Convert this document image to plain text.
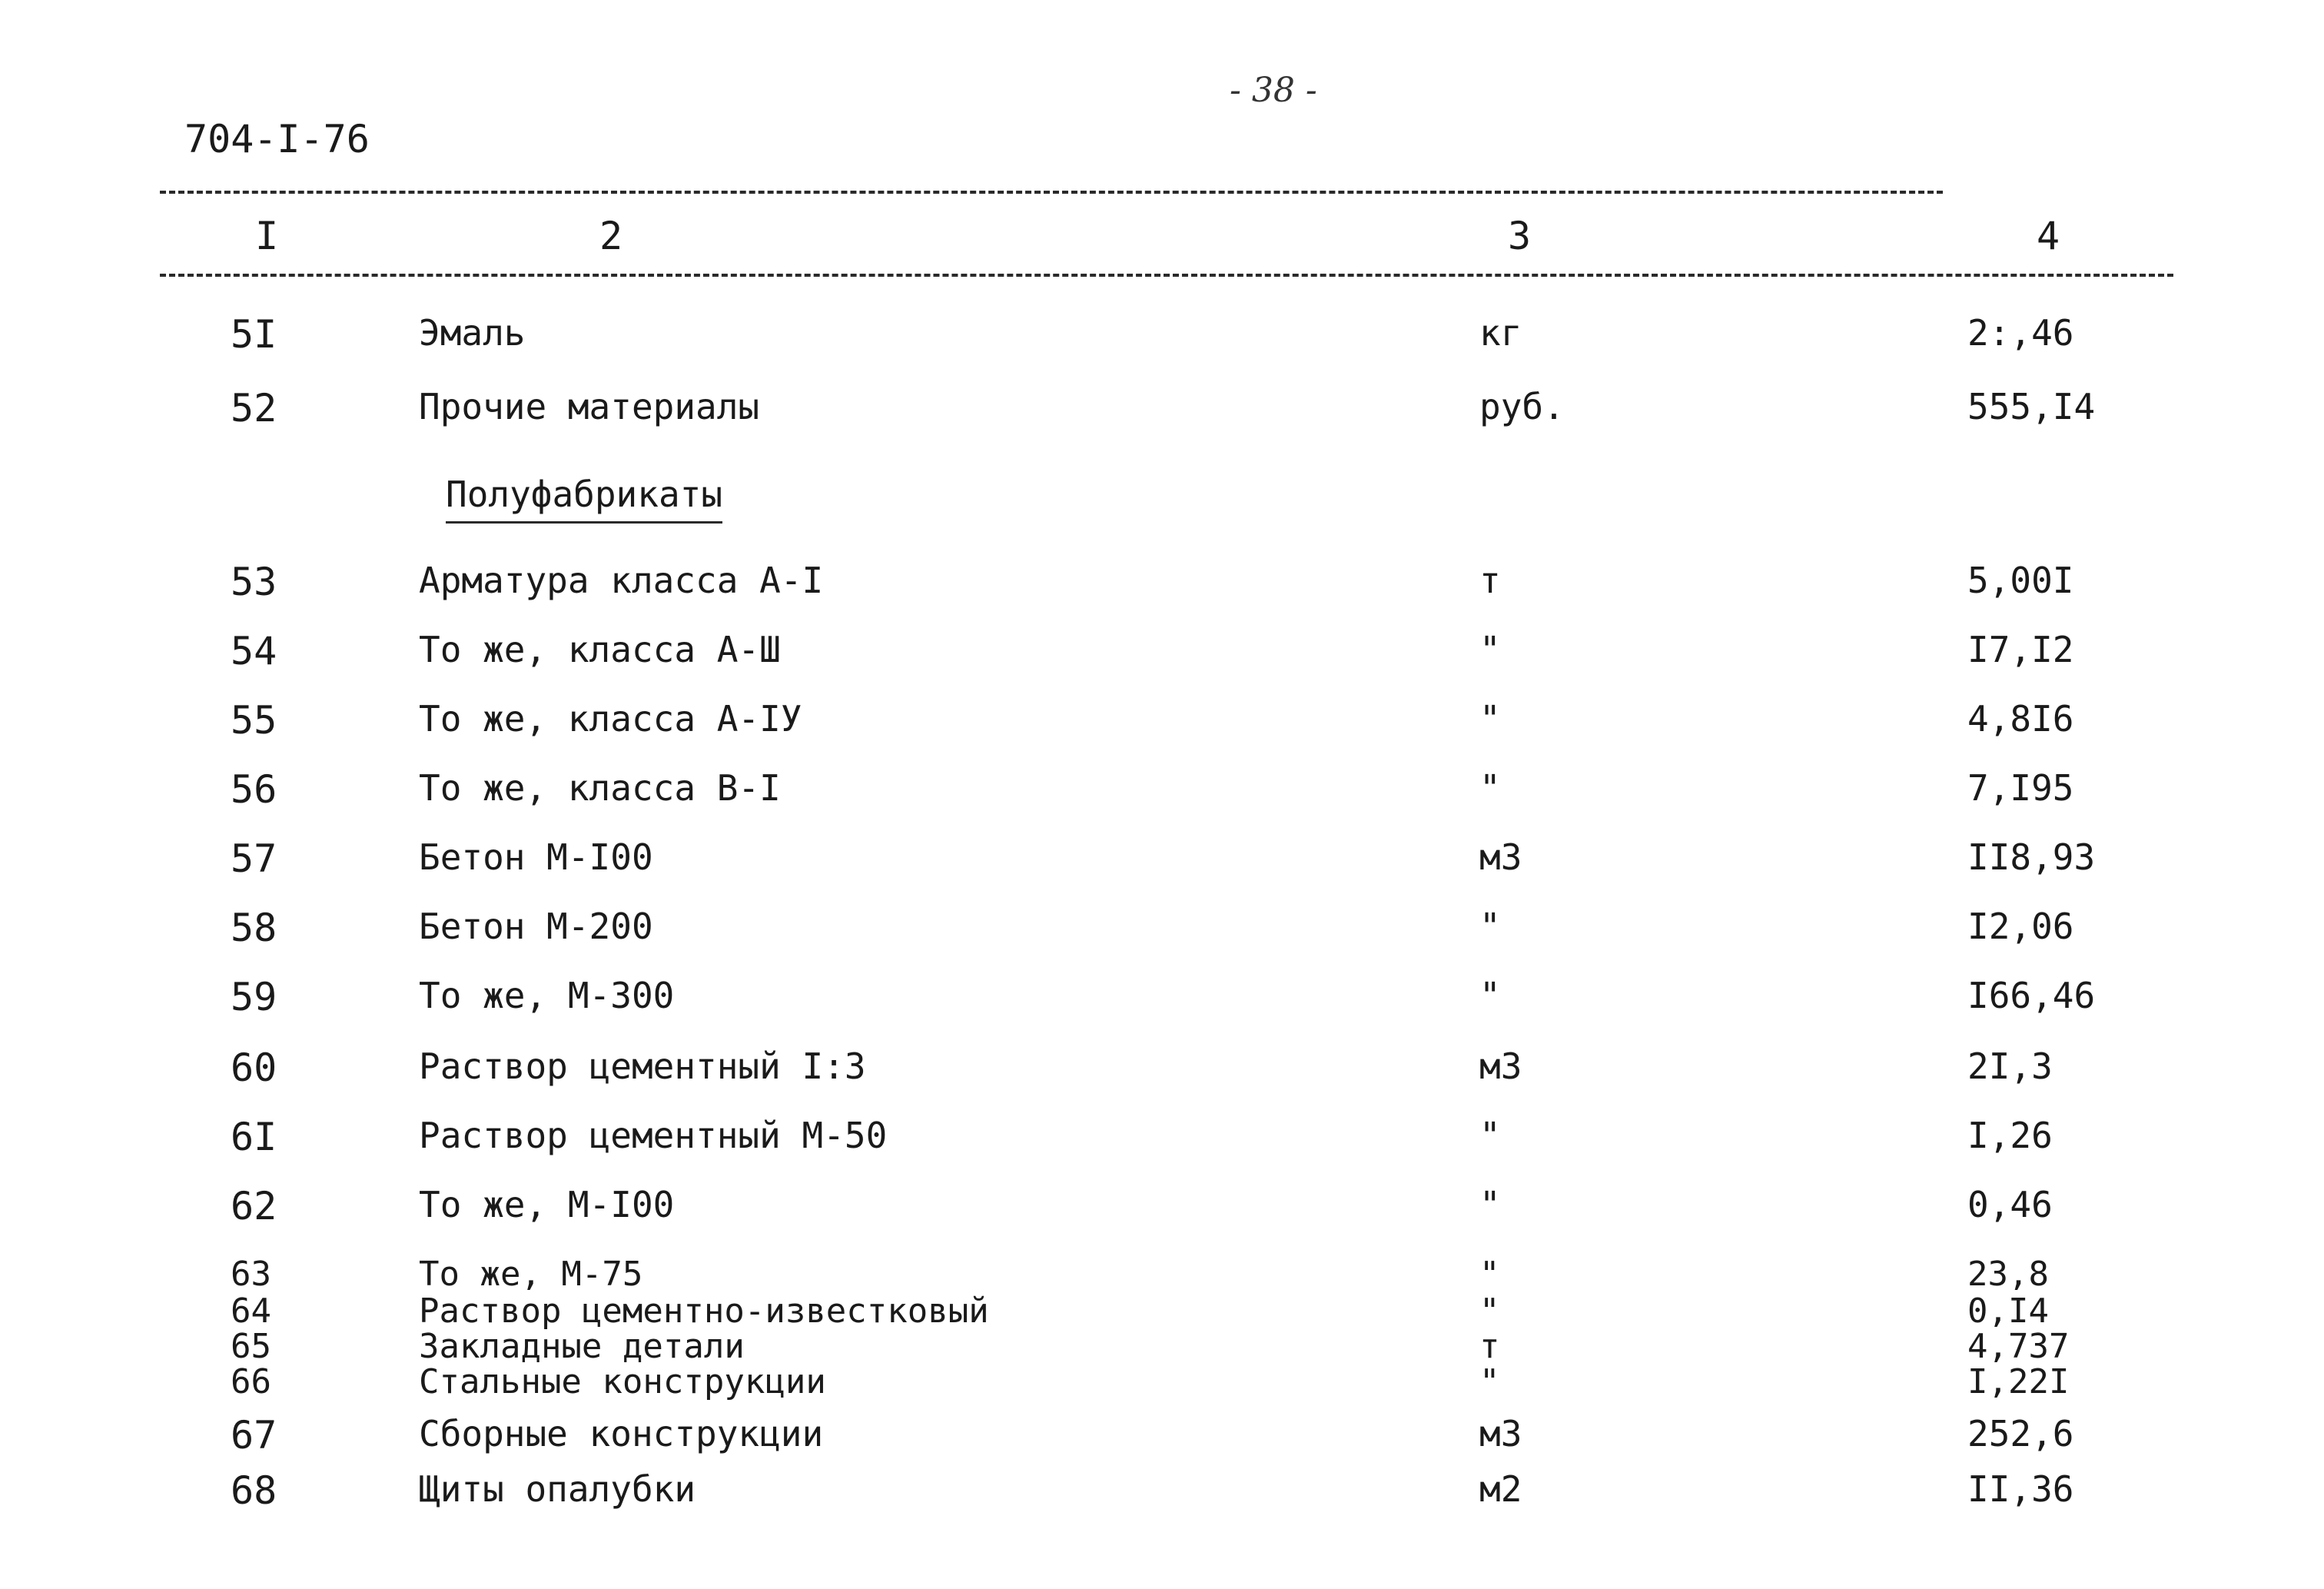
- 38 -
704-I-76
I	2	3	4
5I	Эмаль	кг	2:,46
52	Прочие материалы	руб.	555,I4
Полуфабрикаты
53	Арматура класса А-I	т	5,00I
54	То же, класса А-Ш	"	I7,I2
55	То же, класса А-IУ	"	4,8I6
56	То же, класса В-I	"	7,I95
57	Бетон М-I00	м3	II8,93
58	Бетон М-200	"	I2,06
59	То же, М-300	"	I66,46
60	Раствор цементный I:3	м3	2I,3
6I	Раствор цементный М-50	"	I,26
62	То же, М-I00	"	0,46
63	То же, М-75	"	23,8
64	Раствор цементно-известковый	"	0,I4
65	Закладные детали	т	4,737
66	Стальные конструкции	"	I,22I
67	Сборные конструкции	м3	252,6
68	Щиты опалубки	м2	II,36
